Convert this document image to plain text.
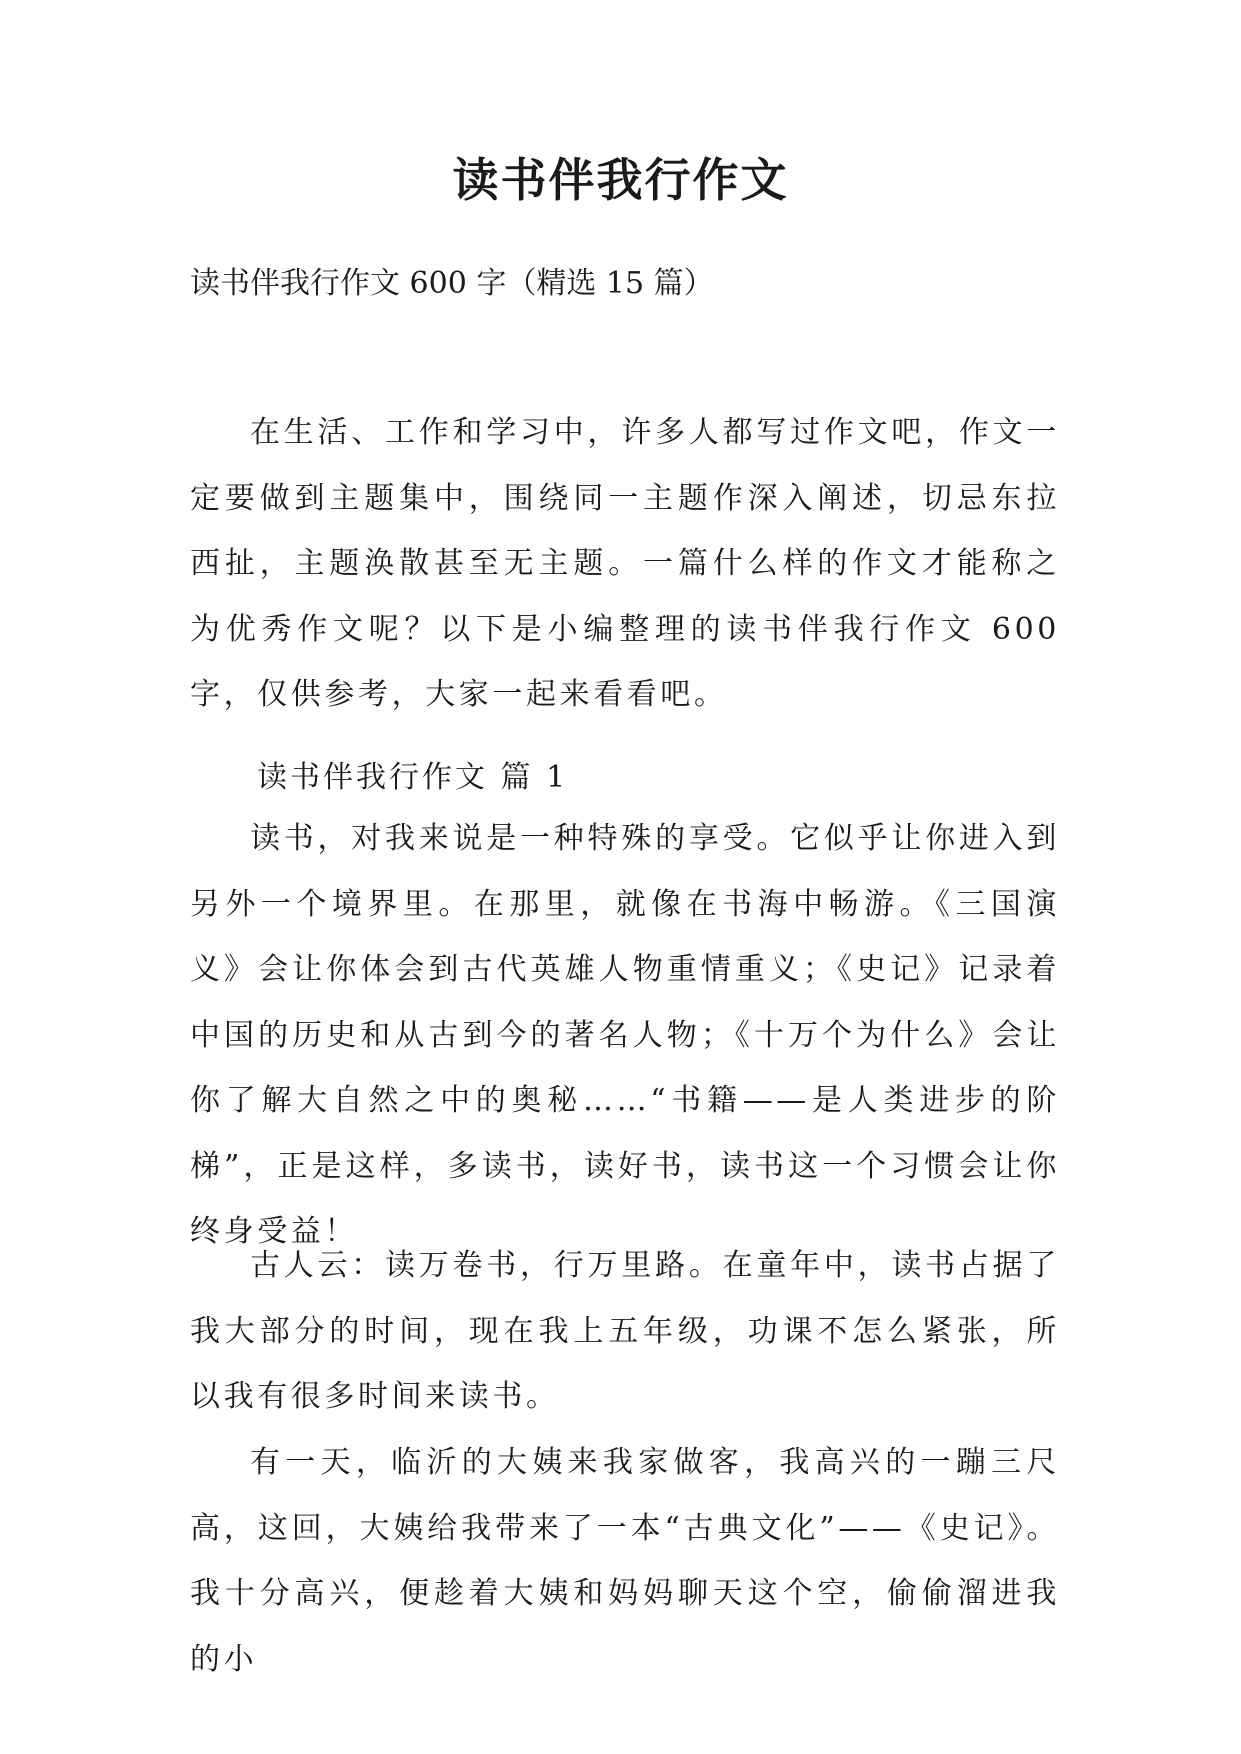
读书伴我行作文

读书伴我行作文 600 字（精选 15 篇）

在生活、工作和学习中，许多人都写过作文吧，作文一定要做到主题集中，围绕同一主题作深入阐述，切忌东拉西扯，主题涣散甚至无主题。一篇什么样的作文才能称之为优秀作文呢？以下是小编整理的读书伴我行作文 600 字，仅供参考，大家一起来看看吧。

读书伴我行作文 篇 1

读书，对我来说是一种特殊的享受。它似乎让你进入到另外一个境界里。在那里，就像在书海中畅游。《三国演义》会让你体会到古代英雄人物重情重义；《史记》记录着中国的历史和从古到今的著名人物；《十万个为什么》会让你了解大自然之中的奥秘……“书籍——是人类进步的阶梯”，正是这样，多读书，读好书，读书这一个习惯会让你终身受益！

古人云：读万卷书，行万里路。在童年中，读书占据了我大部分的时间，现在我上五年级，功课不怎么紧张，所以我有很多时间来读书。

有一天，临沂的大姨来我家做客，我高兴的一蹦三尺高，这回，大姨给我带来了一本“古典文化”——《史记》。我十分高兴，便趁着大姨和妈妈聊天这个空，偷偷溜进我的小
